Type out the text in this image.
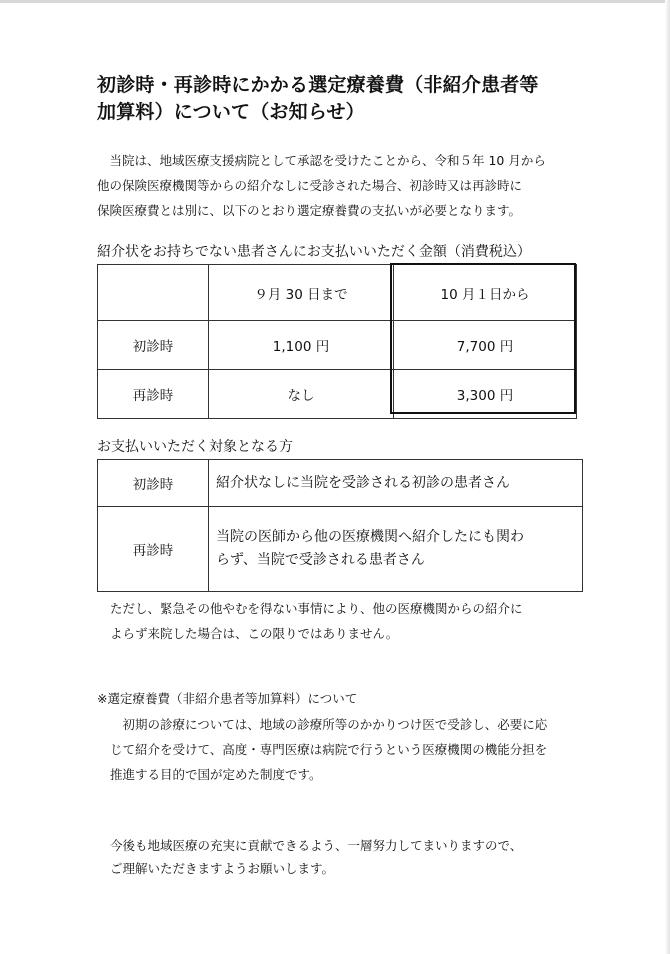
初診時・再診時にかかる選定療養費（非紹介患者等
加算料）について（お知らせ）

　当院は、地域医療支援病院として承認を受けたことから、令和５年 10 月から
他の保険医療機関等からの紹介なしに受診された場合、初診時又は再診時に
保険医療費とは別に、以下のとおり選定療養費の支払いが必要となります。

紹介状をお持ちでない患者さんにお支払いいただく金額（消費税込）

	９月 30 日まで	10 月１日から
初診時	1,100 円	7,700 円
再診時	なし	3,300 円

お支払いいただく対象となる方

初診時	紹介状なしに当院を受診される初診の患者さん
再診時	当院の医師から他の医療機関へ紹介したにも関わ
らず、当院で受診される患者さん

ただし、緊急その他やむを得ない事情により、他の医療機関からの紹介に
よらず来院した場合は、この限りではありません。

※選定療養費（非紹介患者等加算料）について

　初期の診療については、地域の診療所等のかかりつけ医で受診し、必要に応
じて紹介を受けて、高度・専門医療は病院で行うという医療機関の機能分担を
推進する目的で国が定めた制度です。

今後も地域医療の充実に貢献できるよう、一層努力してまいりますので、
ご理解いただきますようお願いします。
